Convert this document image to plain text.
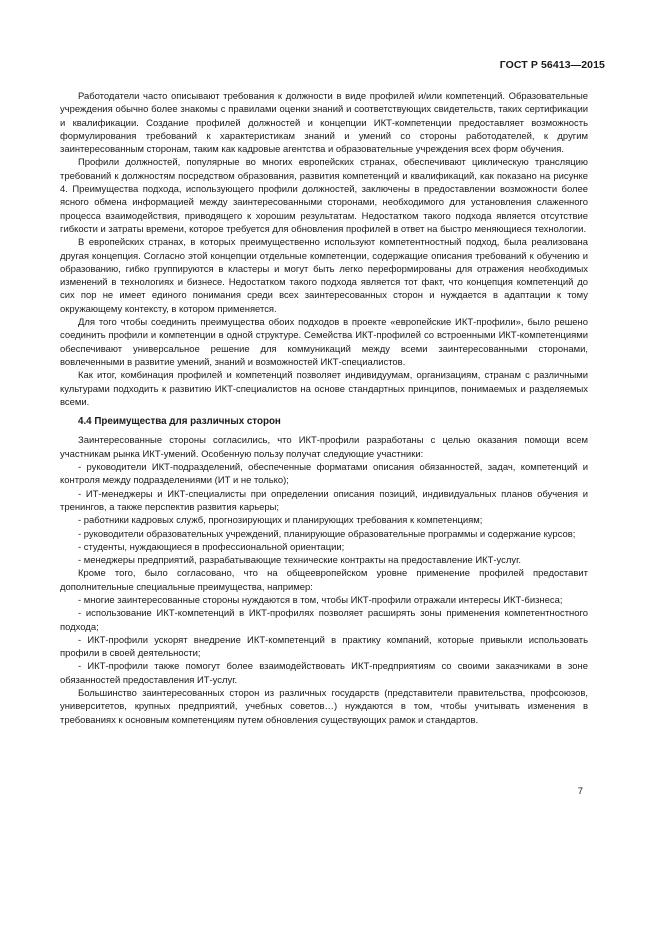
ГОСТ Р 56413—2015

Работодатели часто описывают требования к должности в виде профилей и/или компетенций. Образовательные учреждения обычно более знакомы с правилами оценки знаний и соответствующих свидетельств, таких сертификации и квалификации. Создание профилей должностей и концепции ИКТ-компетенции предоставляет возможность формулирования требований к характеристикам знаний и умений со стороны работодателей, к другим заинтересованным сторонам, таким как кадровые агентства и образовательные учреждения всех форм обучения.

Профили должностей, популярные во многих европейских странах, обеспечивают циклическую трансляцию требований к должностям посредством образования, развития компетенций и квалификаций, как показано на рисунке 4. Преимущества подхода, использующего профили должностей, заключены в предоставлении возможности более ясного обмена информацией между заинтересованными сторонами, необходимого для установления слаженного процесса взаимодействия, приводящего к хорошим результатам. Недостатком такого подхода является отсутствие гибкости и затраты времени, которое требуется для обновления профилей в ответ на быстро меняющиеся технологии.

В европейских странах, в которых преимущественно используют компетентностный подход, была реализована другая концепция. Согласно этой концепции отдельные компетенции, содержащие описания требований к обучению и образованию, гибко группируются в кластеры и могут быть легко переформированы для отражения необходимых изменений в технологиях и бизнесе. Недостатком такого подхода является тот факт, что концепция компетенций до сих пор не имеет единого понимания среди всех заинтересованных сторон и нуждается в адаптации к тому окружающему контексту, в котором применяется.

Для того чтобы соединить преимущества обоих подходов в проекте «европейские ИКТ-профили», было решено соединить профили и компетенции в одной структуре. Семейства ИКТ-профилей со встроенными ИКТ-компетенциями обеспечивают универсальное решение для коммуникаций между всеми заинтересованными сторонами, вовлеченными в развитие умений, знаний и возможностей ИКТ-специалистов.

Как итог, комбинация профилей и компетенций позволяет индивидуумам, организациям, странам с различными культурами подходить к развитию ИКТ-специалистов на основе стандартных принципов, понимаемых и разделяемых всеми.

4.4 Преимущества для различных сторон

Заинтересованные стороны согласились, что ИКТ-профили разработаны с целью оказания помощи всем участникам рынка ИКТ-умений. Особенную пользу получат следующие участники:

- руководители ИКТ-подразделений, обеспеченные форматами описания обязанностей, задач, компетенций и контроля между подразделениями (ИТ и не только);

- ИТ-менеджеры и ИКТ-специалисты при определении описания позиций, индивидуальных планов обучения и тренингов, а также перспектив развития карьеры;

- работники кадровых служб, прогнозирующих и планирующих требования к компетенциям;

- руководители образовательных учреждений, планирующие образовательные программы и содержание курсов;

- студенты, нуждающиеся в профессиональной ориентации;

- менеджеры предприятий, разрабатывающие технические контракты на предоставление ИКТ-услуг.

Кроме того, было согласовано, что на общеевропейском уровне применение профилей предоставит дополнительные специальные преимущества, например:

- многие заинтересованные стороны нуждаются в том, чтобы ИКТ-профили отражали интересы ИКТ-бизнеса;

- использование ИКТ-компетенций в ИКТ-профилях позволяет расширять зоны применения компетентностного подхода;

- ИКТ-профили ускорят внедрение ИКТ-компетенций в практику компаний, которые привыкли использовать профили в своей деятельности;

- ИКТ-профили также помогут более взаимодействовать ИКТ-предприятиям со своими заказчиками в зоне обязанностей предоставления ИТ-услуг.

Большинство заинтересованных сторон из различных государств (представители правительства, профсоюзов, университетов, крупных предприятий, учебных советов…) нуждаются в том, чтобы учитывать изменения в требованиях к основным компетенциям путем обновления существующих рамок и стандартов.

7
